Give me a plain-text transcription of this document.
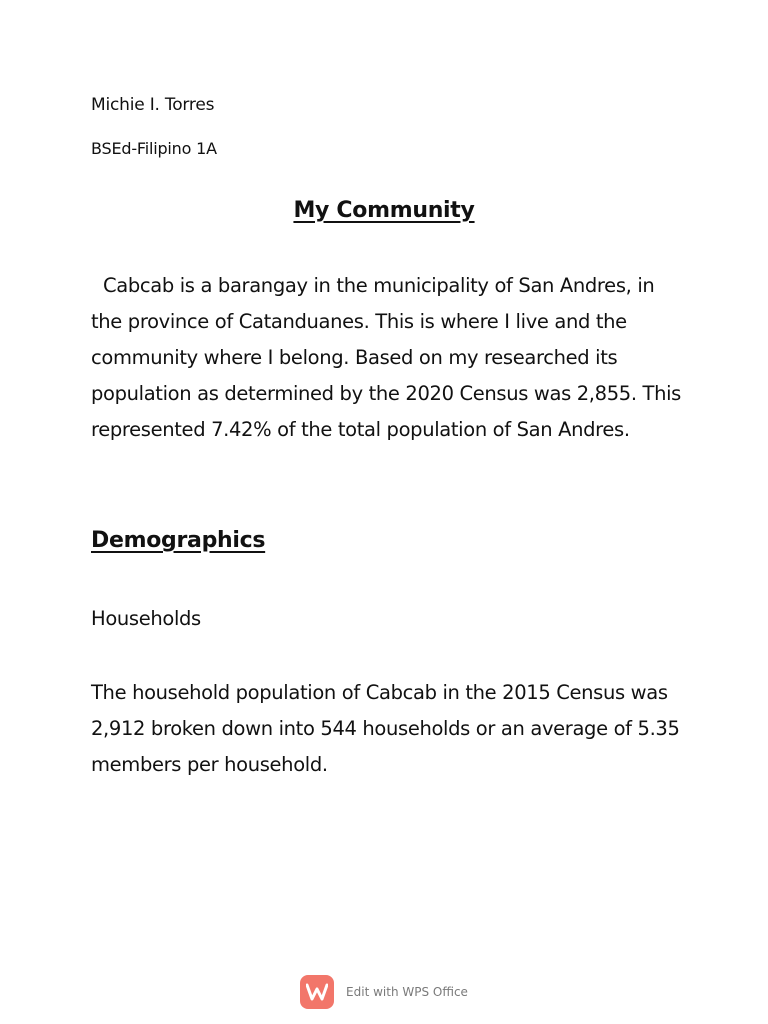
Michie I. Torres
BSEd-Filipino 1A
My Community

Cabcab is a barangay in the municipality of San Andres, in the province of Catanduanes. This is where I live and the community where I belong. Based on my researched its population as determined by the 2020 Census was 2,855. This represented 7.42% of the total population of San Andres.

Demographics
Households

The household population of Cabcab in the 2015 Census was 2,912 broken down into 544 households or an average of 5.35 members per household.

Edit with WPS Office
